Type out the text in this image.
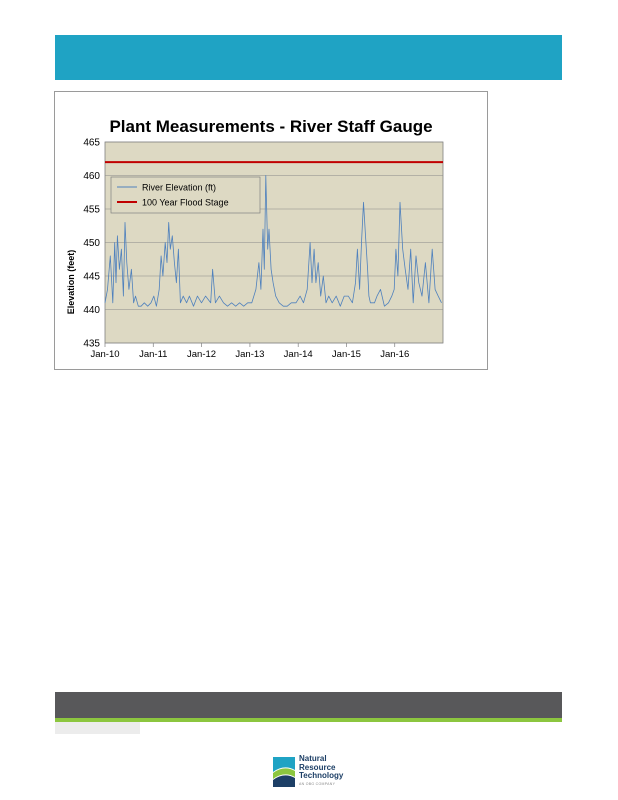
Plant Measurements - River Staff Gauge
435
440
445
450
455
460
465
Jan-10 Jan-11 Jan-12 Jan-13 Jan-14 Jan-15 Jan-16
River Elevation (ft)
100 Year Flood Stage
Elevation (feet)
Natural
Resource
Technology
AN OBG COMPANY
